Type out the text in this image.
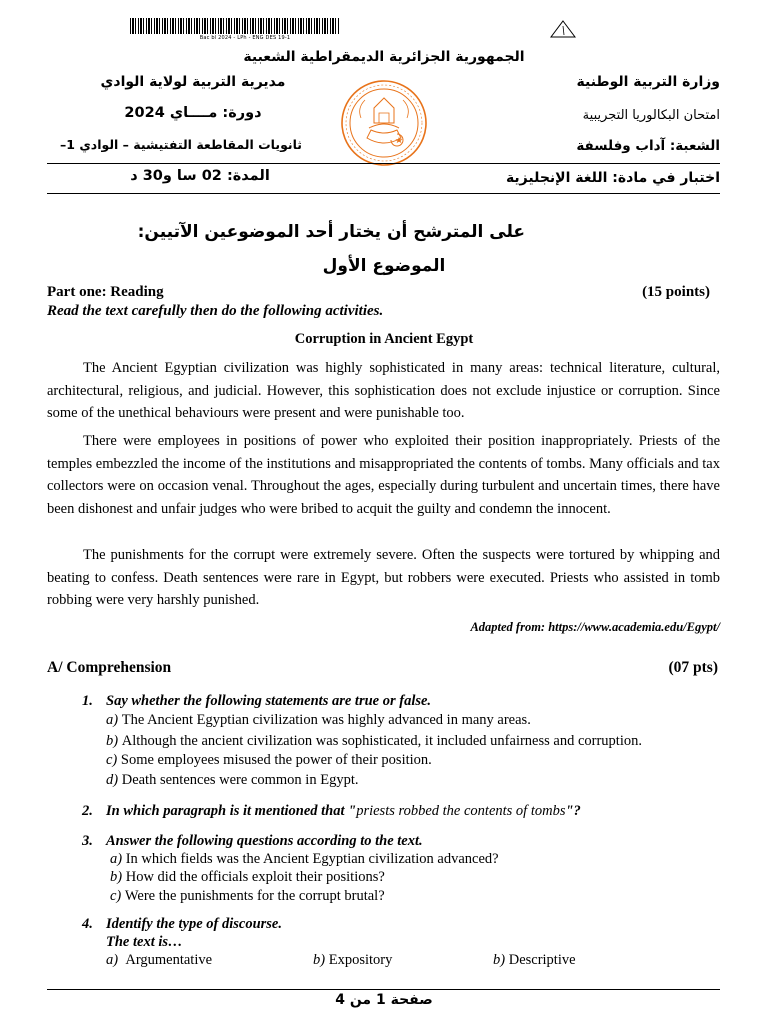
Bac bl 2024 - LPh - ENG DES 19-1
الجمهورية الجزائرية الديمقراطية الشعبية
وزارة التربية الوطنية
امتحان البكالوريا التجريبية
الشعبة: آداب وفلسفة
مديرية التربية لولاية الوادي
دورة: مــــاي 2024
ثانويات المقاطعة التفتيشية – الوادي 1–
اختبار في مادة: اللغة الإنجليزية
المدة: 02 سا و30 د
على المترشح أن يختار أحد الموضوعين الآتيين:
الموضوع الأول
Part one: Reading	(15 points)
Read the text carefully then do the following activities.
Corruption in Ancient Egypt

The Ancient Egyptian civilization was highly sophisticated in many areas: technical literature, cultural, architectural, religious, and judicial. However, this sophistication does not exclude injustice or corruption. Since some of the unethical behaviours were present and were punishable too.

There were employees in positions of power who exploited their position inappropriately. Priests of the temples embezzled the income of the institutions and misappropriated the contents of tombs. Many officials and tax collectors were on occasion venal. Throughout the ages, especially during turbulent and uncertain times, there have been dishonest and unfair judges who were bribed to acquit the guilty and condemn the innocent.

The punishments for the corrupt were extremely severe. Often the suspects were tortured by whipping and beating to confess. Death sentences were rare in Egypt, but robbers were executed. Priests who assisted in tomb robbing were very harshly punished.

Adapted from: https://www.academia.edu/Egypt/
A/ Comprehension	(07 pts)
1. Say whether the following statements are true or false.
a) The Ancient Egyptian civilization was highly advanced in many areas.
b) Although the ancient civilization was sophisticated, it included unfairness and corruption.
c) Some employees misused the power of their position.
d) Death sentences were common in Egypt.
2. In which paragraph is it mentioned that "priests robbed the contents of tombs"?
3. Answer the following questions according to the text.
a) In which fields was the Ancient Egyptian civilization advanced?
b) How did the officials exploit their positions?
c) Were the punishments for the corrupt brutal?
4. Identify the type of discourse.
The text is…
a) Argumentative	b) Expository	b) Descriptive
صفحة 1 من 4
